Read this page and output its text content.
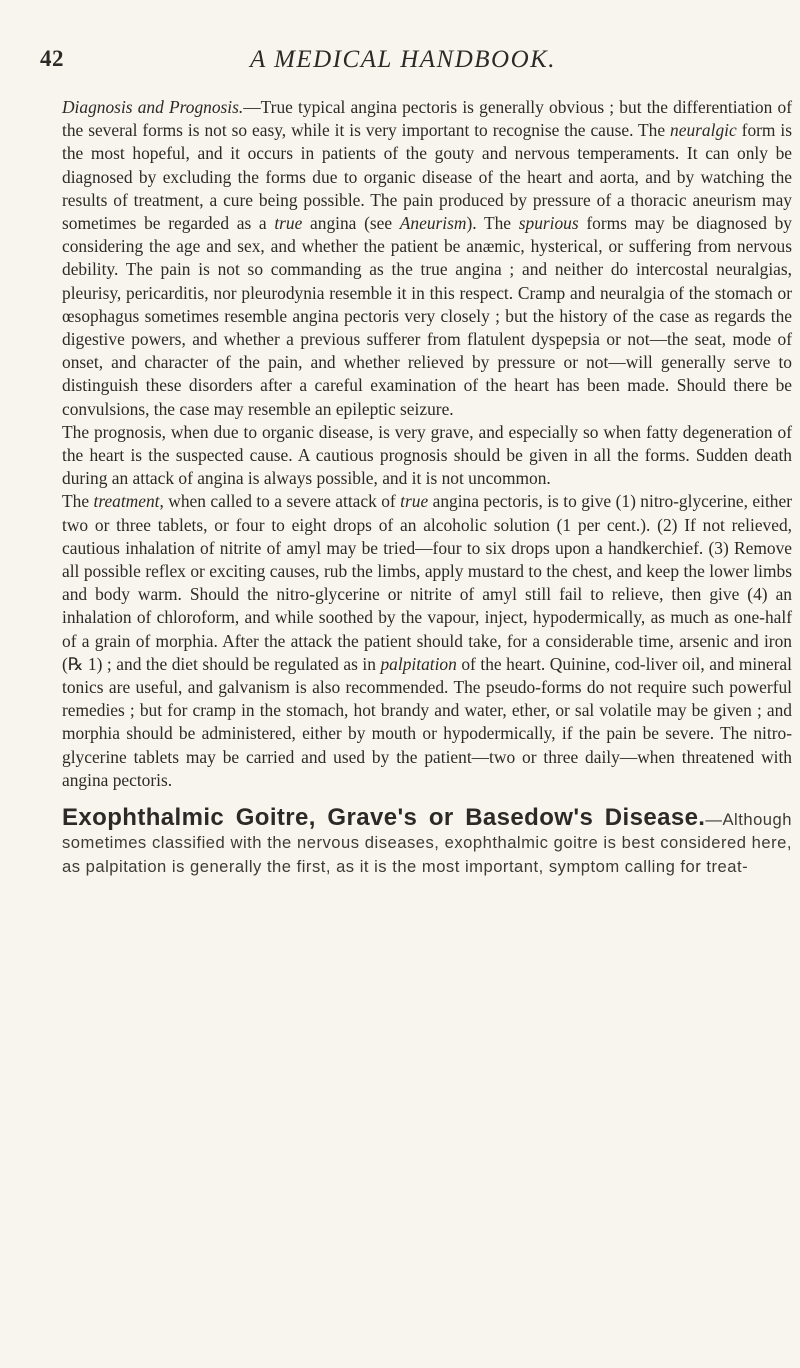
42	A MEDICAL HANDBOOK.

Diagnosis and Prognosis.—True typical angina pectoris is generally obvious ; but the differentiation of the several forms is not so easy, while it is very important to recognise the cause. The neuralgic form is the most hopeful, and it occurs in patients of the gouty and nervous temperaments. It can only be diagnosed by excluding the forms due to organic disease of the heart and aorta, and by watching the results of treatment, a cure being possible. The pain produced by pressure of a thoracic aneurism may sometimes be regarded as a true angina (see Aneurism). The spurious forms may be diagnosed by considering the age and sex, and whether the patient be anæmic, hysterical, or suffering from nervous debility. The pain is not so commanding as the true angina ; and neither do intercostal neuralgias, pleurisy, pericarditis, nor pleurodynia resemble it in this respect. Cramp and neuralgia of the stomach or œsophagus sometimes resemble angina pectoris very closely ; but the history of the case as regards the digestive powers, and whether a previous sufferer from flatulent dyspepsia or not—the seat, mode of onset, and character of the pain, and whether relieved by pressure or not—will generally serve to distinguish these disorders after a careful examination of the heart has been made. Should there be convulsions, the case may resemble an epileptic seizure.

The prognosis, when due to organic disease, is very grave, and especially so when fatty degeneration of the heart is the suspected cause. A cautious prognosis should be given in all the forms. Sudden death during an attack of angina is always possible, and it is not uncommon.

The treatment, when called to a severe attack of true angina pectoris, is to give (1) nitro-glycerine, either two or three tablets, or four to eight drops of an alcoholic solution (1 per cent.). (2) If not relieved, cautious inhalation of nitrite of amyl may be tried—four to six drops upon a handkerchief. (3) Remove all possible reflex or exciting causes, rub the limbs, apply mustard to the chest, and keep the lower limbs and body warm. Should the nitro-glycerine or nitrite of amyl still fail to relieve, then give (4) an inhalation of chloroform, and while soothed by the vapour, inject, hypodermically, as much as one-half of a grain of morphia. After the attack the patient should take, for a considerable time, arsenic and iron (℞ 1) ; and the diet should be regulated as in palpitation of the heart. Quinine, cod-liver oil, and mineral tonics are useful, and galvanism is also recommended. The pseudo-forms do not require such powerful remedies ; but for cramp in the stomach, hot brandy and water, ether, or sal volatile may be given ; and morphia should be administered, either by mouth or hypodermically, if the pain be severe. The nitro-glycerine tablets may be carried and used by the patient—two or three daily—when threatened with angina pectoris.

Exophthalmic Goitre, Grave's or Basedow's Disease.—Although sometimes classified with the nervous diseases, exophthalmic goitre is best considered here, as palpitation is generally the first, as it is the most important, symptom calling for treat-
